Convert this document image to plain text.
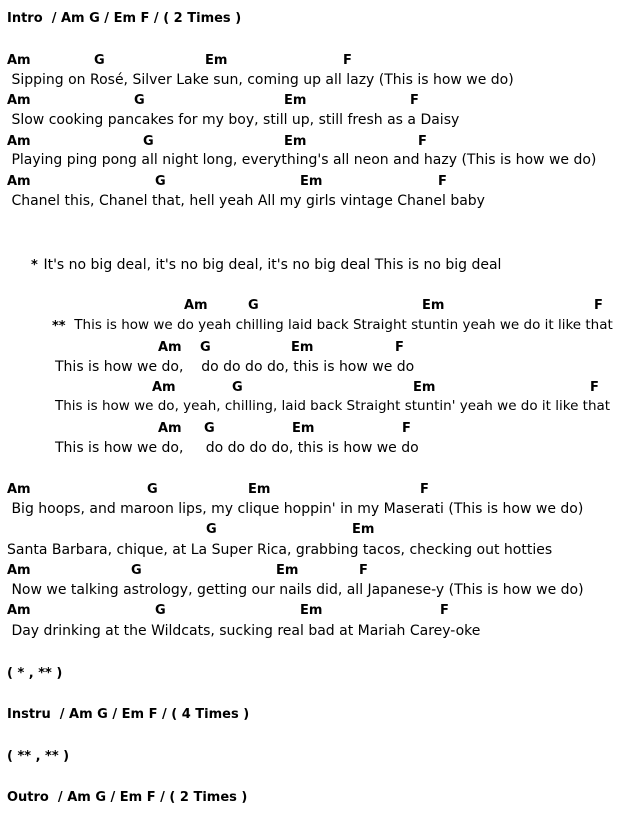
Intro  / Am G / Em F / ( 2 Times )
Am	G	Em	F
Sipping on Rosé, Silver Lake sun, coming up all lazy (This is how we do)
Am	G	Em	F
Slow cooking pancakes for my boy, still up, still fresh as a Daisy
Am	G	Em	F
Playing ping pong all night long, everything's all neon and hazy (This is how we do)
Am	G	Em	F
Chanel this, Chanel that, hell yeah All my girls vintage Chanel baby
* It's no big deal, it's no big deal, it's no big deal This is no big deal
Am	G	Em	F
** This is how we do yeah chilling laid back Straight stuntin yeah we do it like that
Am G	Em	F
This is how we do,    do do do do, this is how we do
Am	G	Em	F
This is how we do, yeah, chilling, laid back Straight stuntin' yeah we do it like that
Am G	Em	F
This is how we do,     do do do do, this is how we do
Am	G	Em	F
Big hoops, and maroon lips, my clique hoppin' in my Maserati (This is how we do)
G	Em
Santa Barbara, chique, at La Super Rica, grabbing tacos, checking out hotties
Am	G	Em	F
Now we talking astrology, getting our nails did, all Japanese-y (This is how we do)
Am	G	Em	F
Day drinking at the Wildcats, sucking real bad at Mariah Carey-oke
( * , ** )
Instru  / Am G / Em F / ( 4 Times )
( ** , ** )
Outro  / Am G / Em F / ( 2 Times )
